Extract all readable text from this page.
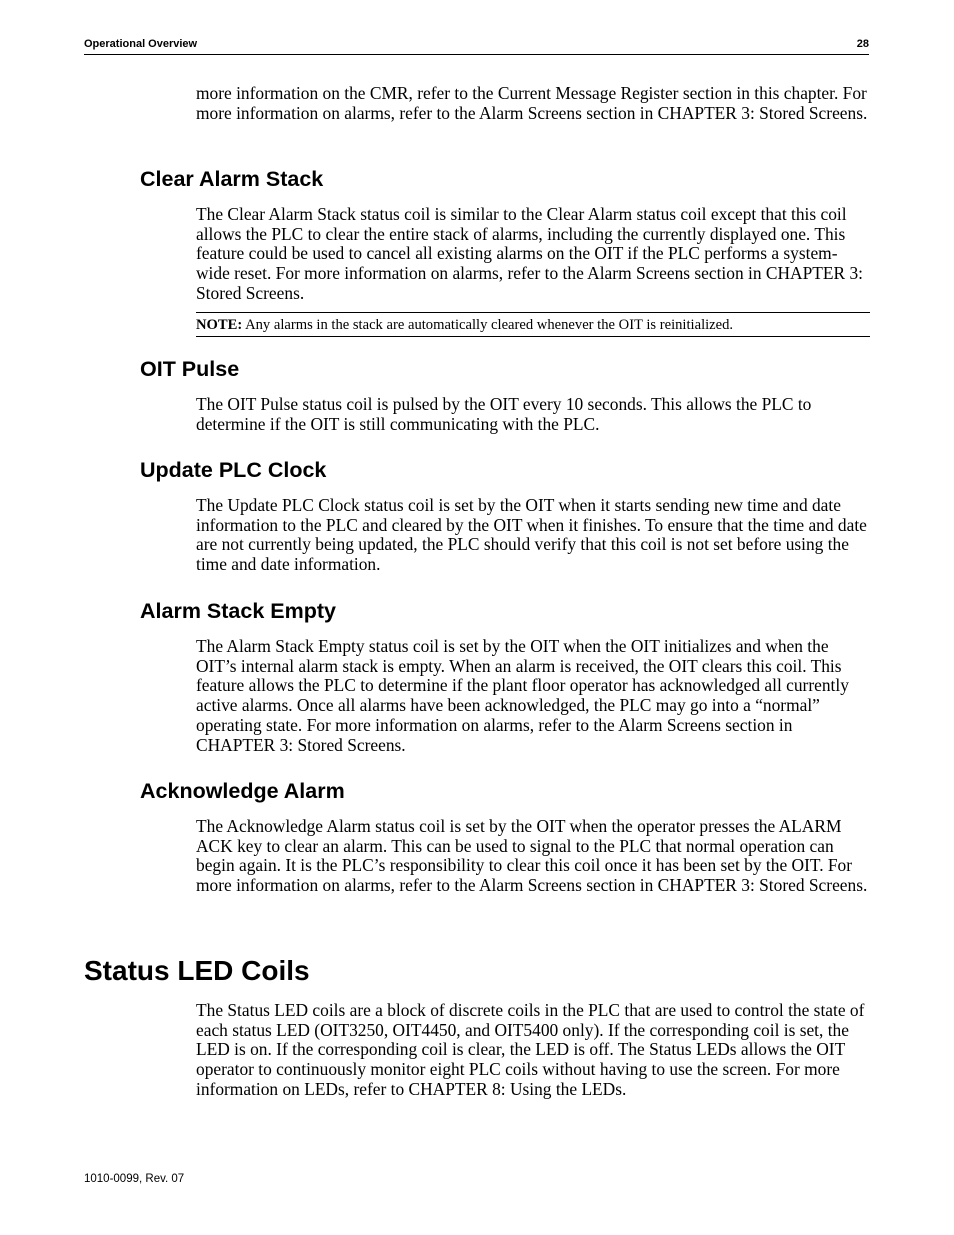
Operational Overview	28

more information on the CMR, refer to the Current Message Register section in this chapter. For more information on alarms, refer to the Alarm Screens section in CHAPTER 3: Stored Screens.

Clear Alarm Stack

The Clear Alarm Stack status coil is similar to the Clear Alarm status coil except that this coil allows the PLC to clear the entire stack of alarms, including the currently displayed one. This feature could be used to cancel all existing alarms on the OIT if the PLC performs a system-wide reset. For more information on alarms, refer to the Alarm Screens section in CHAPTER 3: Stored Screens.

NOTE: Any alarms in the stack are automatically cleared whenever the OIT is reinitialized.
OIT Pulse

The OIT Pulse status coil is pulsed by the OIT every 10 seconds. This allows the PLC to determine if the OIT is still communicating with the PLC.

Update PLC Clock

The Update PLC Clock status coil is set by the OIT when it starts sending new time and date information to the PLC and cleared by the OIT when it finishes. To ensure that the time and date are not currently being updated, the PLC should verify that this coil is not set before using the time and date information.

Alarm Stack Empty

The Alarm Stack Empty status coil is set by the OIT when the OIT initializes and when the OIT’s internal alarm stack is empty. When an alarm is received, the OIT clears this coil. This feature allows the PLC to determine if the plant floor operator has acknowledged all currently active alarms. Once all alarms have been acknowledged, the PLC may go into a “normal” operating state. For more information on alarms, refer to the Alarm Screens section in CHAPTER 3: Stored Screens.

Acknowledge Alarm

The Acknowledge Alarm status coil is set by the OIT when the operator presses the ALARM ACK key to clear an alarm. This can be used to signal to the PLC that normal operation can begin again. It is the PLC’s responsibility to clear this coil once it has been set by the OIT. For more information on alarms, refer to the Alarm Screens section in CHAPTER 3: Stored Screens.

Status LED Coils

The Status LED coils are a block of discrete coils in the PLC that are used to control the state of each status LED (OIT3250, OIT4450, and OIT5400 only). If the corresponding coil is set, the LED is on. If the corresponding coil is clear, the LED is off. The Status LEDs allows the OIT operator to continuously monitor eight PLC coils without having to use the screen. For more information on LEDs, refer to CHAPTER 8: Using the LEDs.

1010-0099, Rev. 07
